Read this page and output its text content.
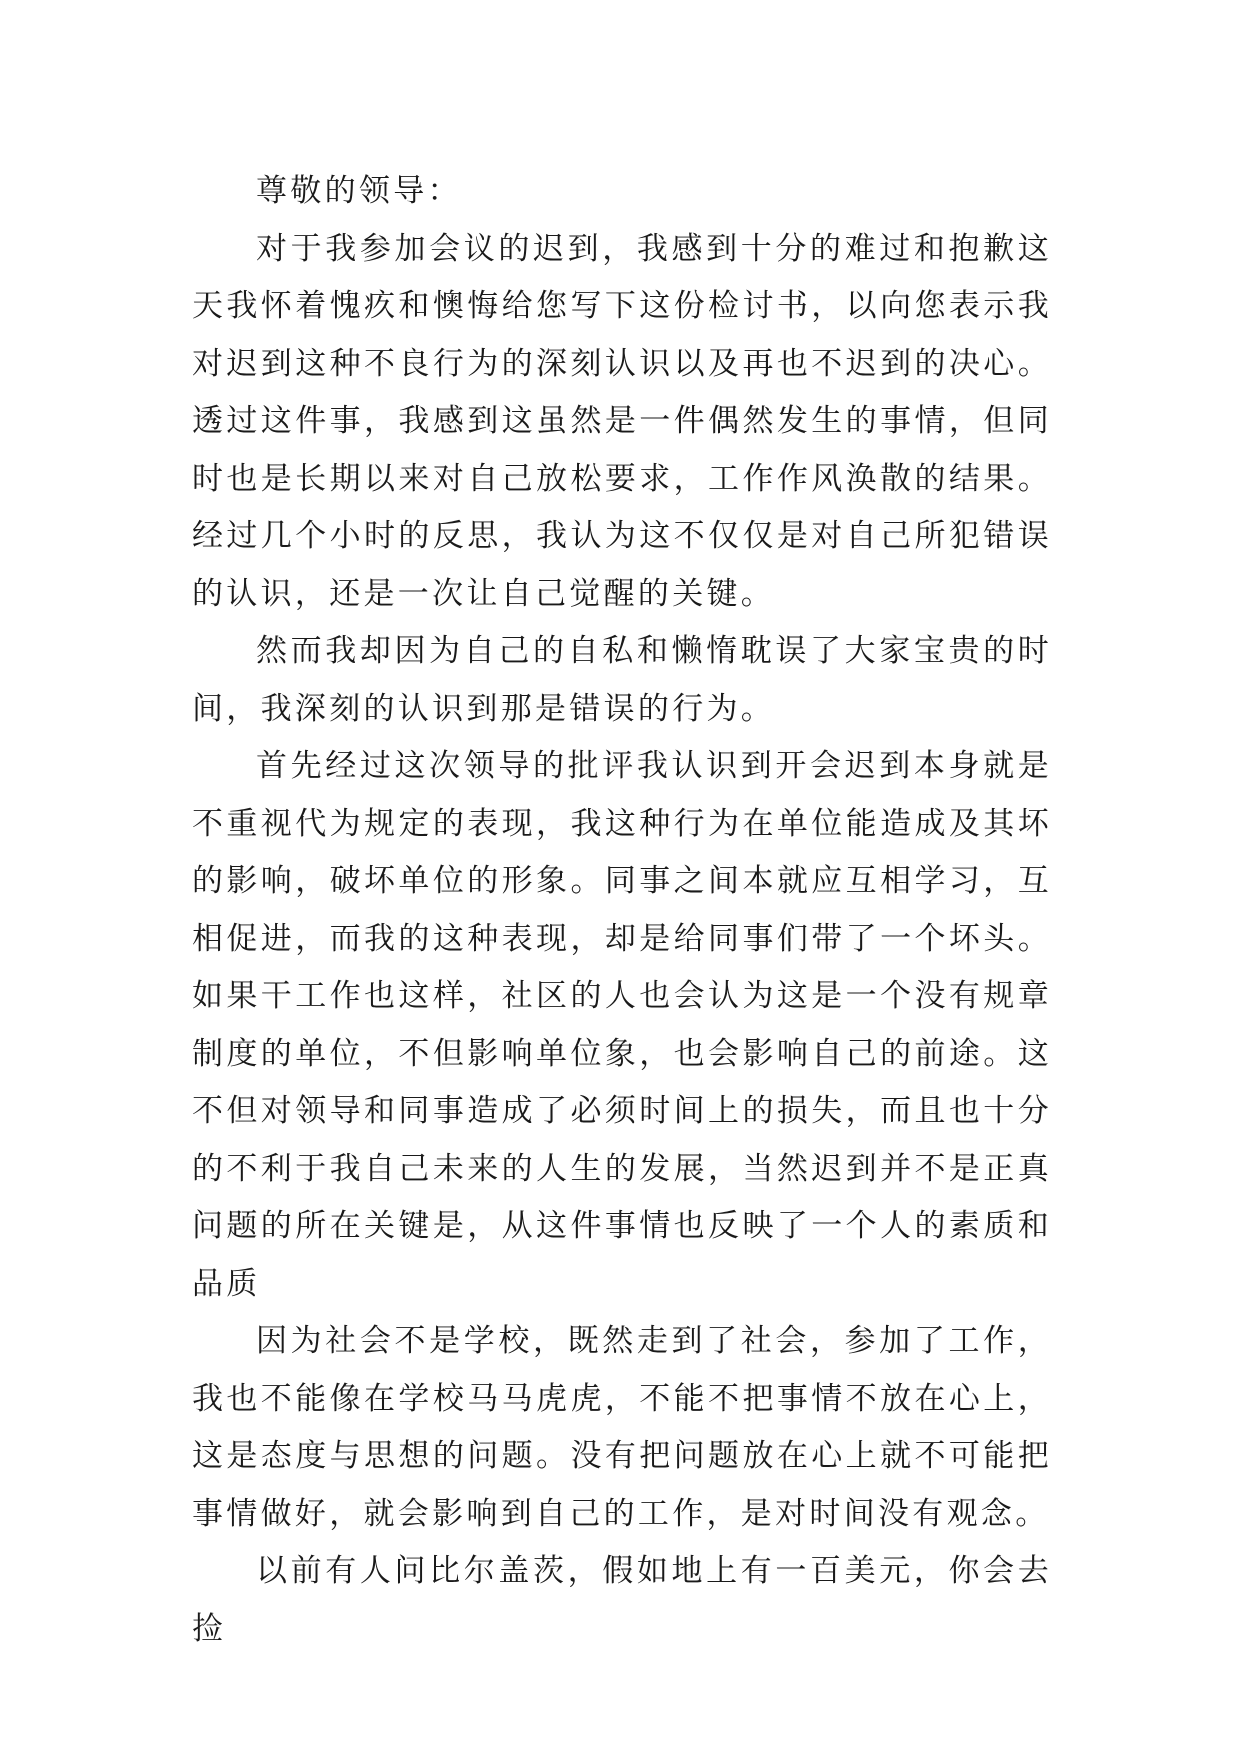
尊敬的领导：

对于我参加会议的迟到，我感到十分的难过和抱歉这天我怀着愧疚和懊悔给您写下这份检讨书，以向您表示我对迟到这种不良行为的深刻认识以及再也不迟到的决心。透过这件事，我感到这虽然是一件偶然发生的事情，但同时也是长期以来对自己放松要求，工作作风涣散的结果。经过几个小时的反思，我认为这不仅仅是对自己所犯错误的认识，还是一次让自己觉醒的关键。

然而我却因为自己的自私和懒惰耽误了大家宝贵的时间，我深刻的认识到那是错误的行为。

首先经过这次领导的批评我认识到开会迟到本身就是不重视代为规定的表现，我这种行为在单位能造成及其坏的影响，破坏单位的形象。同事之间本就应互相学习，互相促进，而我的这种表现，却是给同事们带了一个坏头。如果干工作也这样，社区的人也会认为这是一个没有规章制度的单位，不但影响单位象，也会影响自己的前途。这不但对领导和同事造成了必须时间上的损失，而且也十分的不利于我自己未来的人生的发展，当然迟到并不是正真问题的所在关键是，从这件事情也反映了一个人的素质和品质

因为社会不是学校，既然走到了社会，参加了工作，我也不能像在学校马马虎虎，不能不把事情不放在心上，这是态度与思想的问题。没有把问题放在心上就不可能把事情做好，就会影响到自己的工作，是对时间没有观念。

以前有人问比尔盖茨，假如地上有一百美元，你会去捡
